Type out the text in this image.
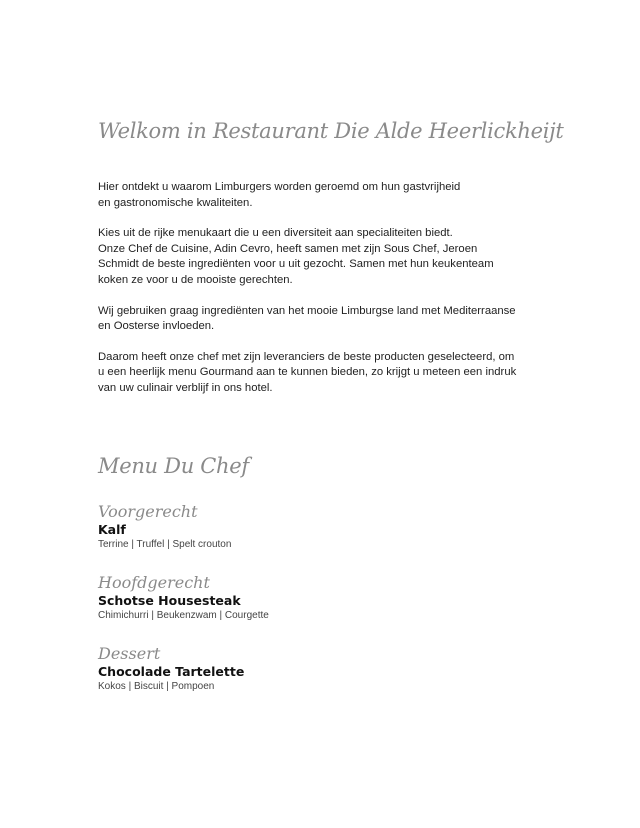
Welkom in Restaurant Die Alde Heerlickheijt

Hier ontdekt u waarom Limburgers worden geroemd om hun gastvrijheid
en gastronomische kwaliteiten.

Kies uit de rijke menukaart die u een diversiteit aan specialiteiten biedt.
Onze Chef de Cuisine, Adin Cevro, heeft samen met zijn Sous Chef, Jeroen
Schmidt de beste ingrediënten voor u uit gezocht. Samen met hun keukenteam
koken ze voor u de mooiste gerechten.

Wij gebruiken graag ingrediënten van het mooie Limburgse land met Mediterraanse
en Oosterse invloeden.

Daarom heeft onze chef met zijn leveranciers de beste producten geselecteerd, om
u een heerlijk menu Gourmand aan te kunnen bieden, zo krijgt u meteen een indruk
van uw culinair verblijf in ons hotel.

Menu Du Chef
Voorgerecht
Kalf
Terrine | Truffel | Spelt crouton
Hoofdgerecht
Schotse Housesteak
Chimichurri | Beukenzwam | Courgette
Dessert
Chocolade Tartelette
Kokos | Biscuit | Pompoen
